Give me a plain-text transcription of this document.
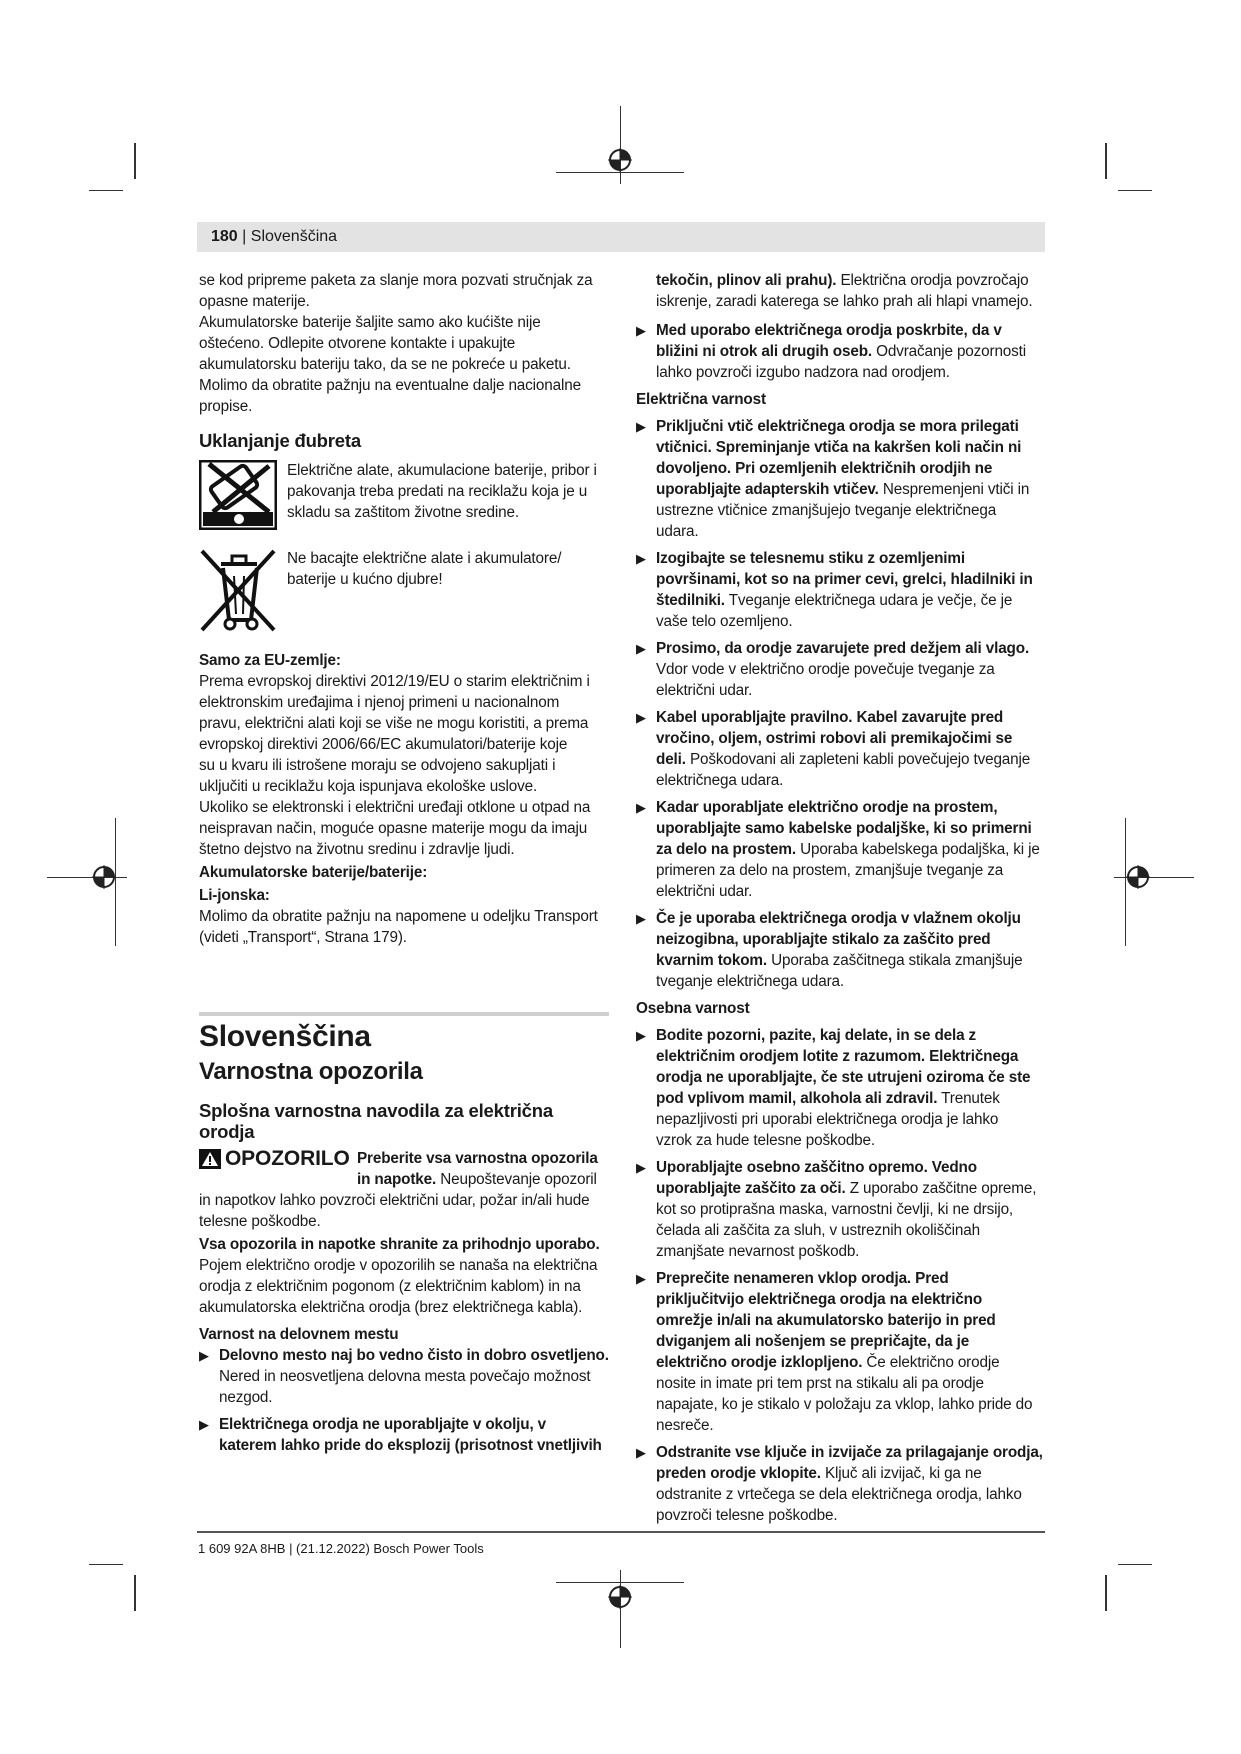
180 | Slovenščina

se kod pripreme paketa za slanje mora pozvati stručnjak za

opasne materije.

Akumulatorske baterije šaljite samo ako kućište nije

oštećeno. Odlepite otvorene kontakte i upakujte

akumulatorsku bateriju tako, da se ne pokreće u paketu.

Molimo da obratite pažnju na eventualne dalje nacionalne

propise.

Uklanjanje đubreta

Električne alate, akumulacione baterije, pribor i

pakovanja treba predati na reciklažu koja je u

skladu sa zaštitom životne sredine.

Ne bacajte električne alate i akumulatore/

baterije u kućno djubre!

Samo za EU-zemlje:

Prema evropskoj direktivi 2012/19/EU o starim električnim i

elektronskim uređajima i njenoj primeni u nacionalnom

pravu, električni alati koji se više ne mogu koristiti, a prema

evropskoj direktivi 2006/66/EC akumulatori/baterije koje

su u kvaru ili istrošene moraju se odvojeno sakupljati i

uključiti u reciklažu koja ispunjava ekološke uslove.

Ukoliko se elektronski i električni uređaji otklone u otpad na

neispravan način, moguće opasne materije mogu da imaju

štetno dejstvo na životnu sredinu i zdravlje ljudi.

Akumulatorske baterije/baterije:

Li-jonska:

Molimo da obratite pažnju na napomene u odeljku Transport

(videti „Transport“, Strana 179).

Slovenščina
Varnostna opozorila
Splošna varnostna navodila za električna orodja
OPOZORILO Preberite vsa varnostna opozorila

in napotke. Neupoštevanje opozoril

in napotkov lahko povzroči električni udar, požar in/ali hude

telesne poškodbe.

Vsa opozorila in napotke shranite za prihodnjo uporabo.

Pojem električno orodje v opozorilih se nanaša na električna

orodja z električnim pogonom (z električnim kablom) in na

akumulatorska električna orodja (brez električnega kabla).

Varnost na delovnem mestu

▶ Delovno mesto naj bo vedno čisto in dobro osvetljeno.

Nered in neosvetljena delovna mesta povečajo možnost

nezgod.

▶ Električnega orodja ne uporabljajte v okolju, v

katerem lahko pride do eksplozij (prisotnost vnetljivih

tekočin, plinov ali prahu). Električna orodja povzročajo

iskrenje, zaradi katerega se lahko prah ali hlapi vnamejo.

▶ Med uporabo električnega orodja poskrbite, da v

bližini ni otrok ali drugih oseb. Odvračanje pozornosti

lahko povzroči izgubo nadzora nad orodjem.

Električna varnost

▶ Priključni vtič električnega orodja se mora prilegati

vtičnici. Spreminjanje vtiča na kakršen koli način ni

dovoljeno. Pri ozemljenih električnih orodjih ne

uporabljajte adapterskih vtičev. Nespremenjeni vtiči in

ustrezne vtičnice zmanjšujejo tveganje električnega

udara.

▶ Izogibajte se telesnemu stiku z ozemljenimi

površinami, kot so na primer cevi, grelci, hladilniki in

štedilniki. Tveganje električnega udara je večje, če je

vaše telo ozemljeno.

▶ Prosimo, da orodje zavarujete pred dežjem ali vlago.

Vdor vode v električno orodje povečuje tveganje za

električni udar.

▶ Kabel uporabljajte pravilno. Kabel zavarujte pred

vročino, oljem, ostrimi robovi ali premikajočimi se

deli. Poškodovani ali zapleteni kabli povečujejo tveganje

električnega udara.

▶ Kadar uporabljate električno orodje na prostem,

uporabljajte samo kabelske podaljške, ki so primerni

za delo na prostem. Uporaba kabelskega podaljška, ki je

primeren za delo na prostem, zmanjšuje tveganje za

električni udar.

▶ Če je uporaba električnega orodja v vlažnem okolju

neizogibna, uporabljajte stikalo za zaščito pred

kvarnim tokom. Uporaba zaščitnega stikala zmanjšuje

tveganje električnega udara.

Osebna varnost

▶ Bodite pozorni, pazite, kaj delate, in se dela z

električnim orodjem lotite z razumom. Električnega

orodja ne uporabljajte, če ste utrujeni oziroma če ste

pod vplivom mamil, alkohola ali zdravil. Trenutek

nepazljivosti pri uporabi električnega orodja je lahko

vzrok za hude telesne poškodbe.

▶ Uporabljajte osebno zaščitno opremo. Vedno

uporabljajte zaščito za oči. Z uporabo zaščitne opreme,

kot so protiprašna maska, varnostni čevlji, ki ne drsijo,

čelada ali zaščita za sluh, v ustreznih okoliščinah

zmanjšate nevarnost poškodb.

▶ Preprečite nenameren vklop orodja. Pred

priključitvijo električnega orodja na električno

omrežje in/ali na akumulatorsko baterijo in pred

dviganjem ali nošenjem se prepričajte, da je

električno orodje izklopljeno. Če električno orodje

nosite in imate pri tem prst na stikalu ali pa orodje

napajate, ko je stikalo v položaju za vklop, lahko pride do

nesreče.

▶ Odstranite vse ključe in izvijače za prilagajanje orodja,

preden orodje vklopite. Ključ ali izvijač, ki ga ne

odstranite z vrtečega se dela električnega orodja, lahko

povzroči telesne poškodbe.

1 609 92A 8HB | (21.12.2022) Bosch Power Tools
